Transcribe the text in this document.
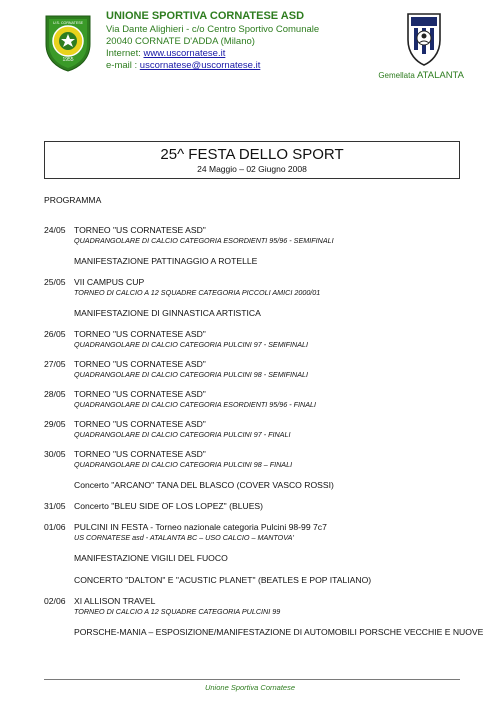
1955
U.S. CORNATESE
UNIONE SPORTIVA CORNATESE ASD
Via Dante Alighieri - c/o Centro Sportivo Comunale
20040 CORNATE D'ADDA (Milano)
Internet: www.uscornatese.it
e-mail : uscornatese@uscornatese.it
Gemellata ATALANTA
25^ FESTA DELLO SPORT
24 Maggio – 02 Giugno 2008
PROGRAMMA
24/05 TORNEO "US CORNATESE ASD"
QUADRANGOLARE DI CALCIO CATEGORIA ESORDIENTI 95/96 - SEMIFINALI
MANIFESTAZIONE PATTINAGGIO A ROTELLE
25/05 VII CAMPUS CUP
TORNEO DI CALCIO A 12 SQUADRE CATEGORIA PICCOLI AMICI 2000/01
MANIFESTAZIONE DI GINNASTICA ARTISTICA
26/05 TORNEO "US CORNATESE ASD"
QUADRANGOLARE DI CALCIO CATEGORIA PULCINI 97 - SEMIFINALI
27/05 TORNEO "US CORNATESE ASD"
QUADRANGOLARE DI CALCIO CATEGORIA PULCINI 98 - SEMIFINALI
28/05 TORNEO "US CORNATESE ASD"
QUADRANGOLARE DI CALCIO CATEGORIA ESORDIENTI 95/96 - FINALI
29/05 TORNEO "US CORNATESE ASD"
QUADRANGOLARE DI CALCIO CATEGORIA PULCINI 97 - FINALI
30/05 TORNEO "US CORNATESE ASD"
QUADRANGOLARE DI CALCIO CATEGORIA PULCINI 98 – FINALI
Concerto "ARCANO" TANA DEL BLASCO (COVER VASCO ROSSI)
31/05 Concerto "BLEU SIDE OF LOS LOPEZ" (BLUES)
01/06 PULCINI IN FESTA - Torneo nazionale categoria Pulcini 98-99 7c7
US CORNATESE asd - ATALANTA BC – USO CALCIO – MANTOVA'
MANIFESTAZIONE VIGILI DEL FUOCO
CONCERTO "DALTON" E "ACUSTIC PLANET" (BEATLES E POP ITALIANO)
02/06 XI ALLISON TRAVEL
TORNEO DI CALCIO A 12 SQUADRE CATEGORIA PULCINI 99
PORSCHE-MANIA – ESPOSIZIONE/MANIFESTAZIONE DI AUTOMOBILI PORSCHE VECCHIE E NUOVE
Unione Sportiva Cornatese
